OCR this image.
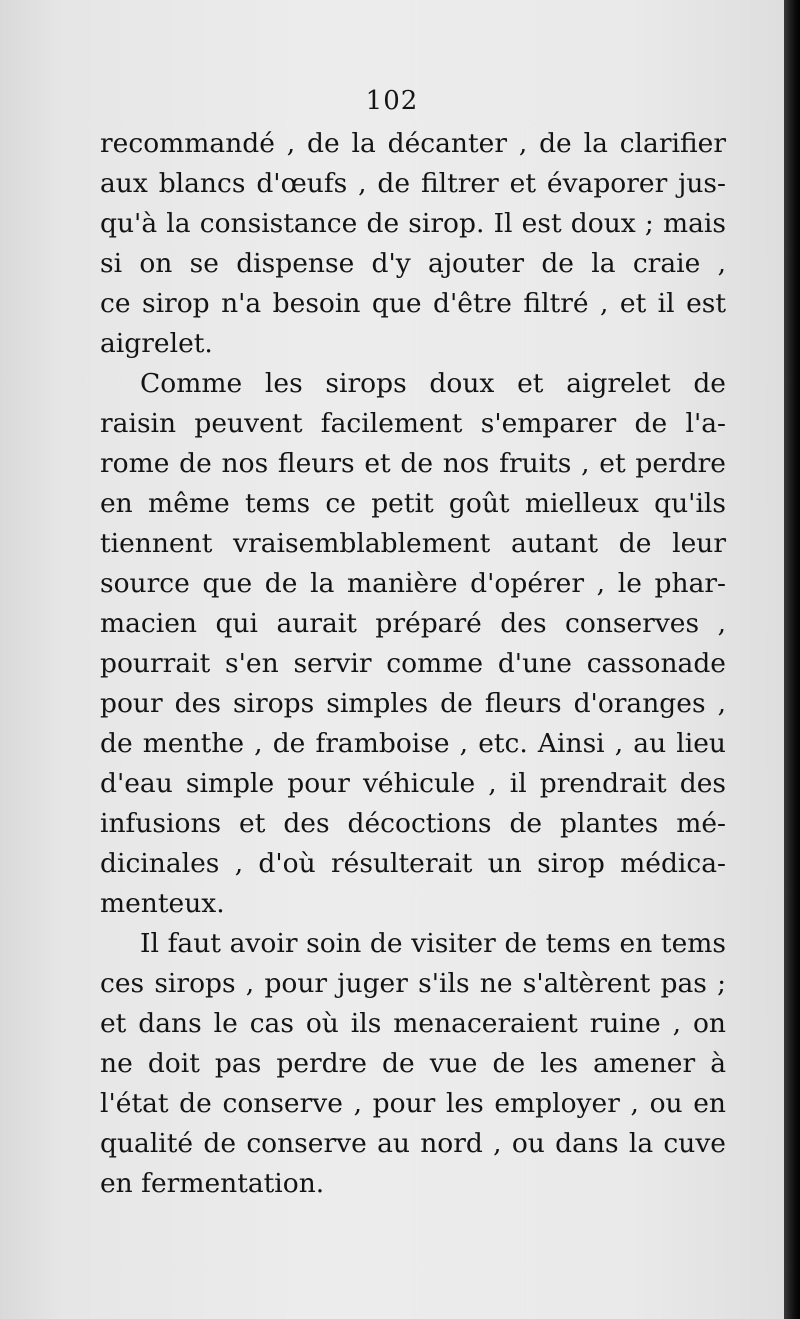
102
recommandé , de la décanter , de la clarifier
aux blancs d'œufs , de filtrer et évaporer jus-
qu'à la consistance de sirop. Il est doux ; mais
si on se dispense d'y ajouter de la craie ,
ce sirop n'a besoin que d'être filtré , et il est
aigrelet.
Comme les sirops doux et aigrelet de
raisin peuvent facilement s'emparer de l'a-
rome de nos fleurs et de nos fruits , et perdre
en même tems ce petit goût mielleux qu'ils
tiennent vraisemblablement autant de leur
source que de la manière d'opérer , le phar-
macien qui aurait préparé des conserves ,
pourrait s'en servir comme d'une cassonade
pour des sirops simples de fleurs d'oranges ,
de menthe , de framboise , etc. Ainsi , au lieu
d'eau simple pour véhicule , il prendrait des
infusions et des décoctions de plantes mé-
dicinales , d'où résulterait un sirop médica-
menteux.
Il faut avoir soin de visiter de tems en tems
ces sirops , pour juger s'ils ne s'altèrent pas ;
et dans le cas où ils menaceraient ruine , on
ne doit pas perdre de vue de les amener à
l'état de conserve , pour les employer , ou en
qualité de conserve au nord , ou dans la cuve
en fermentation.
